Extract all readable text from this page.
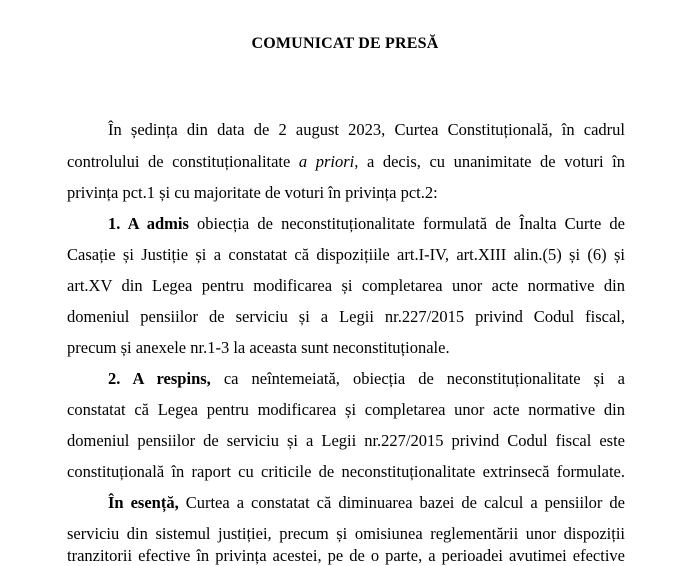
COMUNICAT DE PRESĂ
În ședința din data de 2 august 2023, Curtea Constituțională, în cadrul
controlului de constituționalitate a priori, a decis, cu unanimitate de voturi în
privința pct.1 și cu majoritate de voturi în privința pct.2:
1. A admis obiecția de neconstituționalitate formulată de Înalta Curte de
Casație și Justiție și a constatat că dispozițiile art.I-IV, art.XIII alin.(5) și (6) și
art.XV din Legea pentru modificarea și completarea unor acte normative din
domeniul pensiilor de serviciu și a Legii nr.227/2015 privind Codul fiscal,
precum și anexele nr.1-3 la aceasta sunt neconstituționale.
2. A respins, ca neîntemeiată, obiecția de neconstituționalitate și a
constatat că Legea pentru modificarea și completarea unor acte normative din
domeniul pensiilor de serviciu și a Legii nr.227/2015 privind Codul fiscal este
constituțională în raport cu criticile de neconstituționalitate extrinsecă formulate.
În esență, Curtea a constatat că diminuarea bazei de calcul a pensiilor de
serviciu din sistemul justiției, precum și omisiunea reglementării unor dispoziții
tranzitorii efective în privința acestei, pe de o parte, a perioadei avutimei efective
